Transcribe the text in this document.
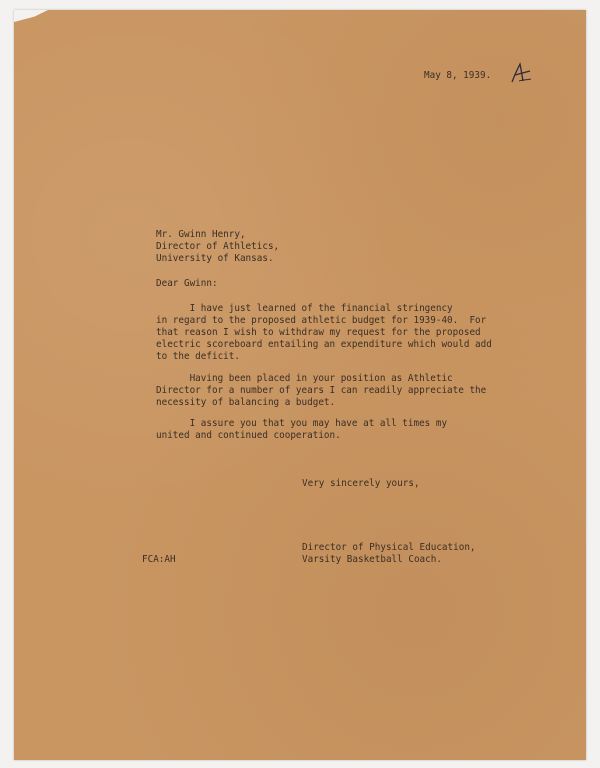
May 8, 1939.
Mr. Gwinn Henry,
Director of Athletics,
University of Kansas.
Dear Gwinn:
I have just learned of the financial stringency
in regard to the proposed athletic budget for 1939-40.  For
that reason I wish to withdraw my request for the proposed
electric scoreboard entailing an expenditure which would add
to the deficit.
Having been placed in your position as Athletic
Director for a number of years I can readily appreciate the
necessity of balancing a budget.
I assure you that you may have at all times my
united and continued cooperation.
Very sincerely yours,
Director of Physical Education,
Varsity Basketball Coach.
FCA:AH
